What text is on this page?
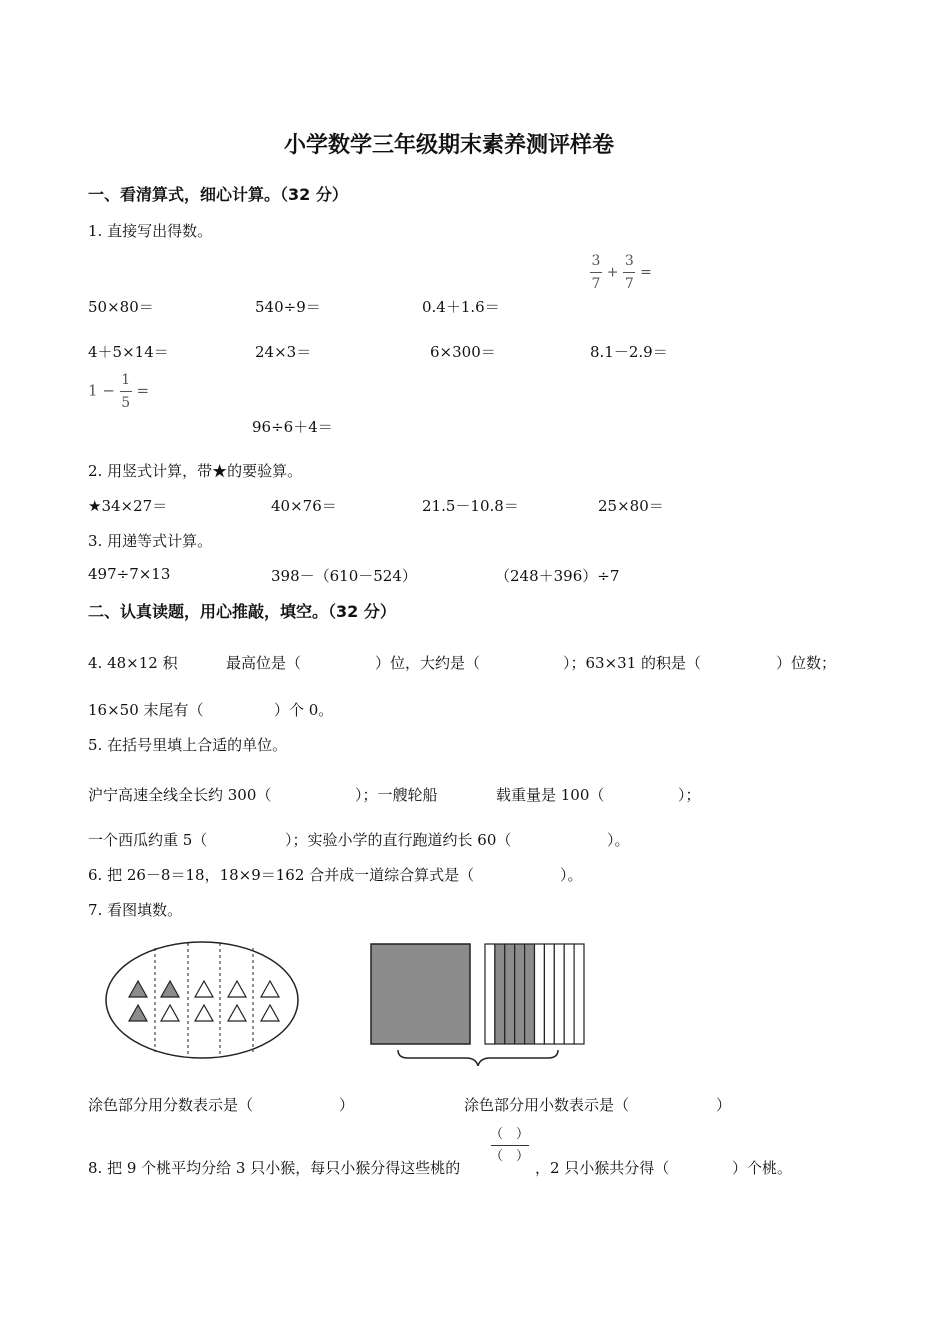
小学数学三年级期末素养测评样卷
一、看清算式，细心计算。（32 分）
1. 直接写出得数。
$\frac{3}{7} + \frac{3}{7}$ =
50×80＝	540÷9＝	0.4＋1.6＝
4＋5×14＝	24×3＝	6×300＝	8.1－2.9＝
$1 - \frac{1}{5}$ =
96÷6＋4＝
2. 用竖式计算，带★的要验算。
★34×27＝	40×76＝	21.5－10.8＝	25×80＝
3. 用递等式计算。
497÷7×13	398－（610－524）	（248＋396）÷7
二、认真读题，用心推敲，填空。（32 分）
4. 48×12 积	最高位是（	）位，大约是（	）；63×31 的积是（	）位数；
16×50 末尾有（	）个 0。
5. 在括号里填上合适的单位。
沪宁高速全线全长约 300（	）；一艘轮船	载重量是 100（	）；
一个西瓜约重 5（	）；实验小学的直行跑道约长 60（	）。
6. 把 26－8＝18，18×9＝162 合并成一道综合算式是（	）。
7. 看图填数。
涂色部分用分数表示是（	）	涂色部分用小数表示是（	）
8. 把 9 个桃平均分给 3 只小猴，每只小猴分得这些桃的
（　）
（　）
，2 只小猴共分得（	）个桃。
